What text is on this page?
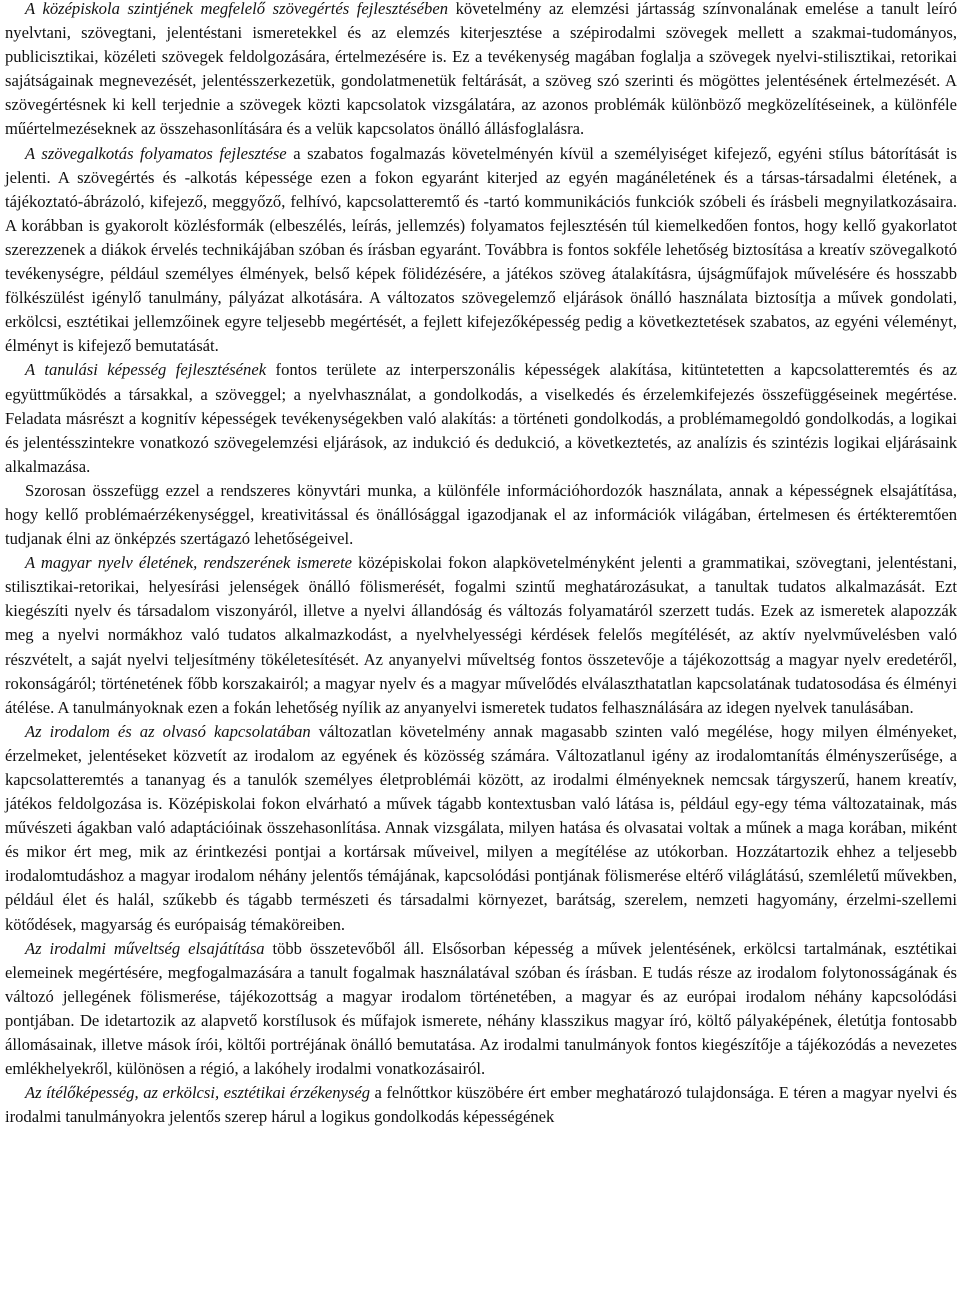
A középiskola szintjének megfelelő szövegértés fejlesztésében követelmény az elemzési jártasság színvonalának emelése a tanult leíró nyelvtani, szövegtani, jelentéstani ismeretekkel és az elemzés kiterjesztése a szépirodalmi szövegek mellett a szakmai-tudományos, publicisztikai, közéleti szövegek feldolgozására, értelmezésére is. Ez a tevékenység magában foglalja a szövegek nyelvi-stilisztikai, retorikai sajátságainak megnevezését, jelentésszerkezetük, gondolatmenetük feltárását, a szöveg szó szerinti és mögöttes jelentésének értelmezését. A szövegértésnek ki kell terjednie a szövegek közti kapcsolatok vizsgálatára, az azonos problémák különböző megközelítéseinek, a különféle műértelmezéseknek az összehasonlítására és a velük kapcsolatos önálló állásfoglalásra.

A szövegalkotás folyamatos fejlesztése a szabatos fogalmazás követelményén kívül a személyiséget kifejező, egyéni stílus bátorítását is jelenti. A szövegértés és -alkotás képessége ezen a fokon egyaránt kiterjed az egyén magánéletének és a társas-társadalmi életének, a tájékoztató-ábrázoló, kifejező, meggyőző, felhívó, kapcsolatteremtő és -tartó kommunikációs funkciók szóbeli és írásbeli megnyilatkozásaira. A korábban is gyakorolt közlésformák (elbeszélés, leírás, jellemzés) folyamatos fejlesztésén túl kiemelkedően fontos, hogy kellő gyakorlatot szerezzenek a diákok érvelés technikájában szóban és írásban egyaránt. Továbbra is fontos sokféle lehetőség biztosítása a kreatív szövegalkotó tevékenységre, például személyes élmények, belső képek fölidézésére, a játékos szöveg átalakításra, újságműfajok művelésére és hosszabb fölkészülést igénylő tanulmány, pályázat alkotására. A változatos szövegelemző eljárások önálló használata biztosítja a művek gondolati, erkölcsi, esztétikai jellemzőinek egyre teljesebb megértését, a fejlett kifejezőképesség pedig a következtetések szabatos, az egyéni véleményt, élményt is kifejező bemutatását.

A tanulási képesség fejlesztésének fontos területe az interperszonális képességek alakítása, kitüntetetten a kapcsolatteremtés és az együttműködés a társakkal, a szöveggel; a nyelvhasználat, a gondolkodás, a viselkedés és érzelemkifejezés összefüggéseinek megértése. Feladata másrészt a kognitív képességek tevékenységekben való alakítás: a történeti gondolkodás, a problémamegoldó gondolkodás, a logikai és jelentésszintekre vonatkozó szövegelemzési eljárások, az indukció és dedukció, a következtetés, az analízis és szintézis logikai eljárásaink alkalmazása.

Szorosan összefügg ezzel a rendszeres könyvtári munka, a különféle információhordozók használata, annak a képességnek elsajátítása, hogy kellő problémaérzékenységgel, kreativitással és önállósággal igazodjanak el az információk világában, értelmesen és értékteremtően tudjanak élni az önképzés szertágazó lehetőségeivel.

A magyar nyelv életének, rendszerének ismerete középiskolai fokon alapkövetelményként jelenti a grammatikai, szövegtani, jelentéstani, stilisztikai-retorikai, helyesírási jelenségek önálló fölismerését, fogalmi szintű meghatározásukat, a tanultak tudatos alkalmazását. Ezt kiegészíti nyelv és társadalom viszonyáról, illetve a nyelvi állandóság és változás folyamatáról szerzett tudás. Ezek az ismeretek alapozzák meg a nyelvi normákhoz való tudatos alkalmazkodást, a nyelvhelyességi kérdések felelős megítélését, az aktív nyelvművelésben való részvételt, a saját nyelvi teljesítmény tökéletesítését. Az anyanyelvi műveltség fontos összetevője a tájékozottság a magyar nyelv eredetéről, rokonságáról; történetének főbb korszakairól; a magyar nyelv és a magyar művelődés elválaszthatatlan kapcsolatának tudatosodása és élményi átélése. A tanulmányoknak ezen a fokán lehetőség nyílik az anyanyelvi ismeretek tudatos felhasználására az idegen nyelvek tanulásában.

Az irodalom és az olvasó kapcsolatában változatlan követelmény annak magasabb szinten való megélése, hogy milyen élményeket, érzelmeket, jelentéseket közvetít az irodalom az egyének és közösség számára. Változatlanul igény az irodalomtanítás élményszerűsége, a kapcsolatteremtés a tananyag és a tanulók személyes életproblémái között, az irodalmi élményeknek nemcsak tárgyszerű, hanem kreatív, játékos feldolgozása is. Középiskolai fokon elvárható a művek tágabb kontextusban való látása is, például egy-egy téma változatainak, más művészeti ágakban való adaptációinak összehasonlítása. Annak vizsgálata, milyen hatása és olvasatai voltak a műnek a maga korában, miként és mikor ért meg, mik az érintkezési pontjai a kortársak műveivel, milyen a megítélése az utókorban. Hozzátartozik ehhez a teljesebb irodalomtudáshoz a magyar irodalom néhány jelentős témájának, kapcsolódási pontjának fölismerése eltérő világlátású, szemléletű művekben, például élet és halál, szűkebb és tágabb természeti és társadalmi környezet, barátság, szerelem, nemzeti hagyomány, érzelmi-szellemi kötődések, magyarság és európaiság témaköreiben.

Az irodalmi műveltség elsajátítása több összetevőből áll. Elsősorban képesség a művek jelentésének, erkölcsi tartalmának, esztétikai elemeinek megértésére, megfogalmazására a tanult fogalmak használatával szóban és írásban. E tudás része az irodalom folytonosságának és változó jellegének fölismerése, tájékozottság a magyar irodalom történetében, a magyar és az európai irodalom néhány kapcsolódási pontjában. De idetartozik az alapvető korstílusok és műfajok ismerete, néhány klasszikus magyar író, költő pályaképének, életútja fontosabb állomásainak, illetve mások írói, költői portréjának önálló bemutatása. Az irodalmi tanulmányok fontos kiegészítője a tájékozódás a nevezetes emlékhelyekről, különösen a régió, a lakóhely irodalmi vonatkozásairól.

Az ítélőképesség, az erkölcsi, esztétikai érzékenység a felnőttkor küszöbére ért ember meghatározó tulajdonsága. E téren a magyar nyelvi és irodalmi tanulmányokra jelentős szerep hárul a logikus gondolkodás képességének
